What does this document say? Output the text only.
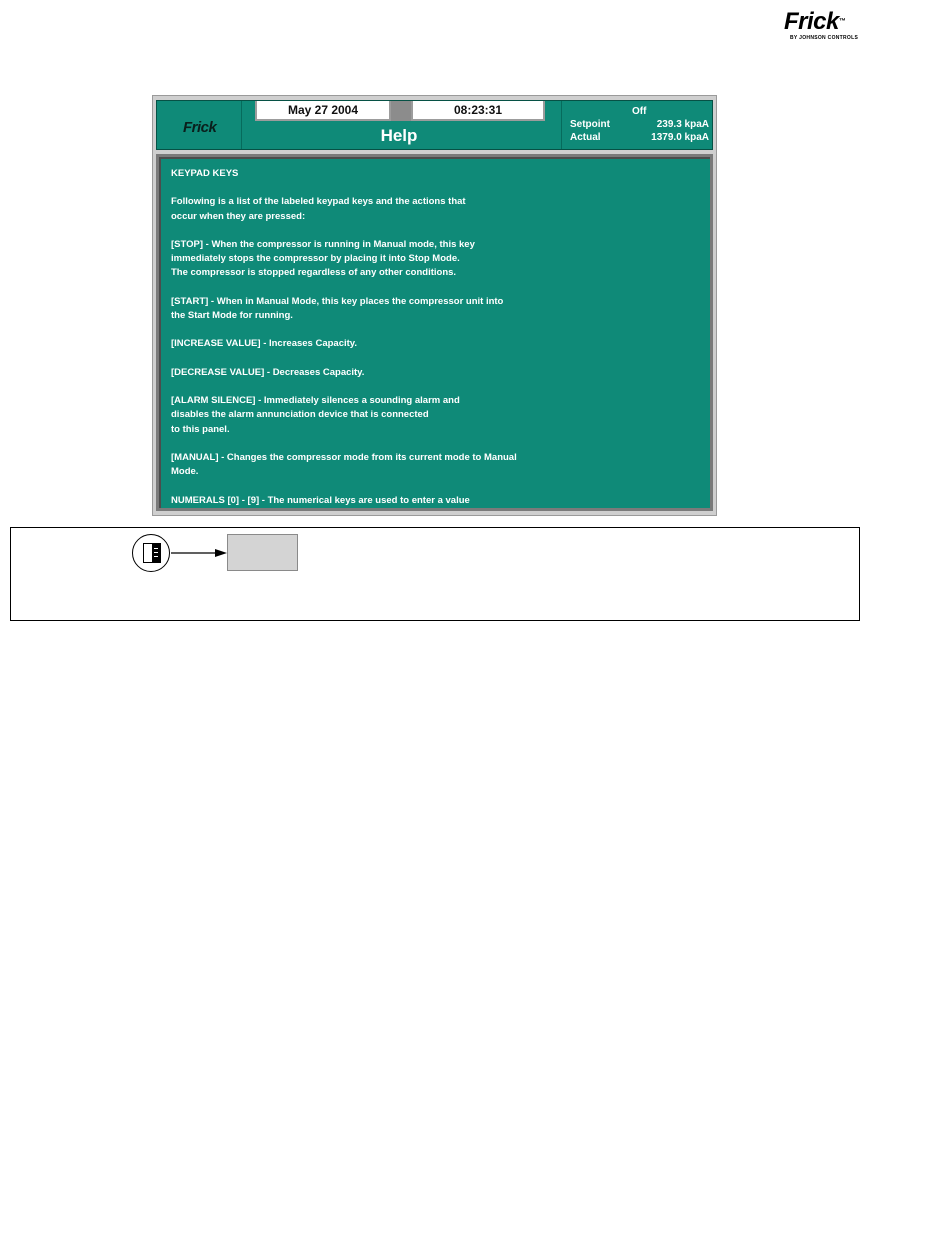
Frick™
BY JOHNSON CONTROLS
Frick
May 27 2004	08:23:31
Help
Off
Setpoint	239.3 kpaA
Actual	1379.0 kpaA

KEYPAD KEYS

Following is a list of the labeled keypad keys and the actions that
occur when they are pressed:

[STOP] - When the compressor is running in Manual mode, this key
immediately stops the compressor by placing it into Stop Mode.
The compressor is stopped regardless of any other conditions.

[START] - When in Manual Mode, this key places the compressor unit into
the Start Mode for running.

[INCREASE VALUE] - Increases Capacity.

[DECREASE VALUE] - Decreases Capacity.

[ALARM SILENCE] - Immediately silences a sounding alarm and
disables the alarm annunciation device that is connected
to this panel.

[MANUAL] - Changes the compressor mode from its current mode to Manual
Mode.

NUMERALS [0] - [9] - The numerical keys are used to enter a value
